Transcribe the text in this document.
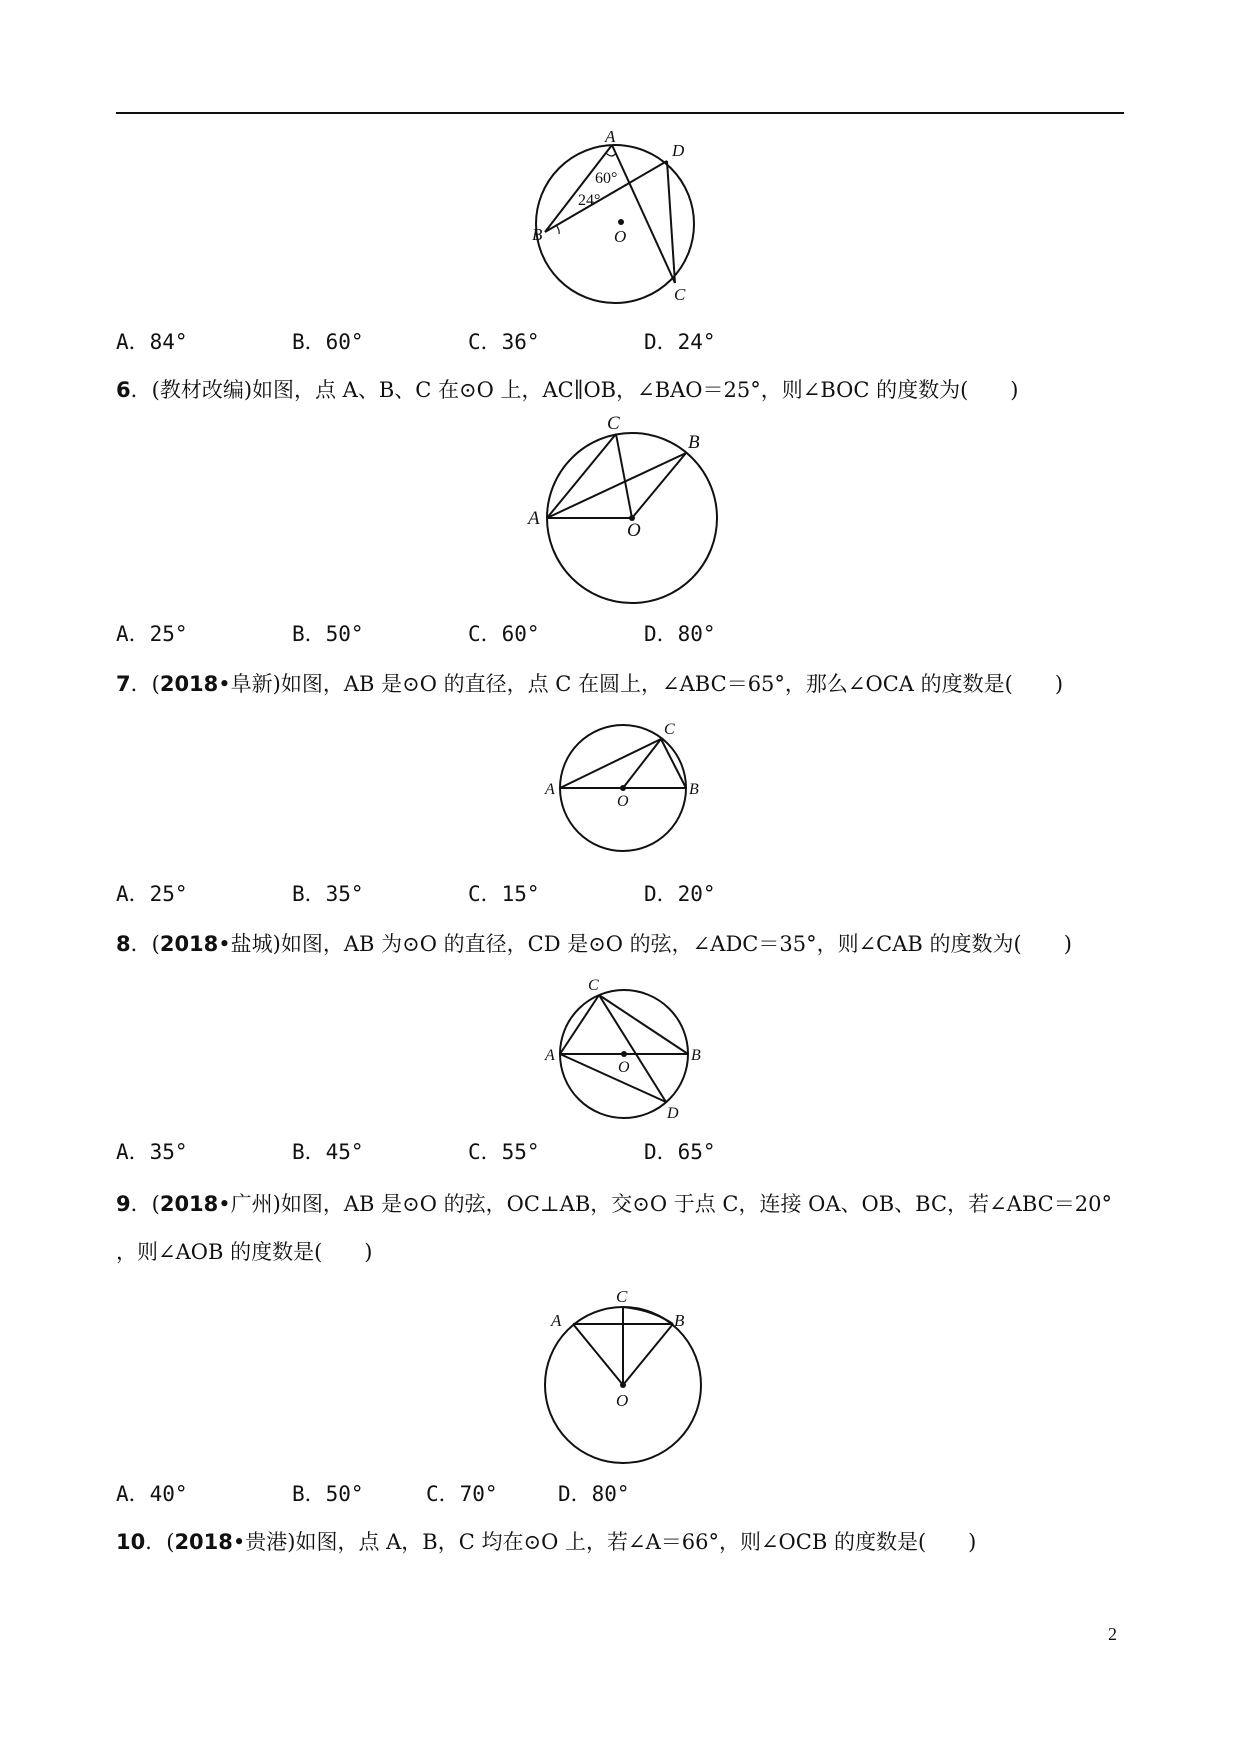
A
D
B	O
C
60°
24°
A．84°	B．60°	C．36°	D．24°
6．(教材改编)如图，点 A、B、C 在⊙O 上，AC∥OB，∠BAO＝25°，则∠BOC 的度数为(　　)
C
B
A
O
A．25°	B．50°	C．60°	D．80°
7．(2018•阜新)如图，AB 是⊙O 的直径，点 C 在圆上，∠ABC＝65°，那么∠OCA 的度数是(　　)
C
A	B
O
A．25°	B．35°	C．15°	D．20°
8．(2018•盐城)如图，AB 为⊙O 的直径，CD 是⊙O 的弦，∠ADC＝35°，则∠CAB 的度数为(　　)
C
A	B
O
D
A．35°	B．45°	C．55°	D．65°
9．(2018•广州)如图，AB 是⊙O 的弦，OC⊥AB，交⊙O 于点 C，连接 OA、OB、BC，若∠ABC＝20°
，则∠AOB 的度数是(　　)
C
A	B
O
A．40°	B．50°	C．70°	D．80°
10．(2018•贵港)如图，点 A，B，C 均在⊙O 上，若∠A＝66°，则∠OCB 的度数是(　　)
2
